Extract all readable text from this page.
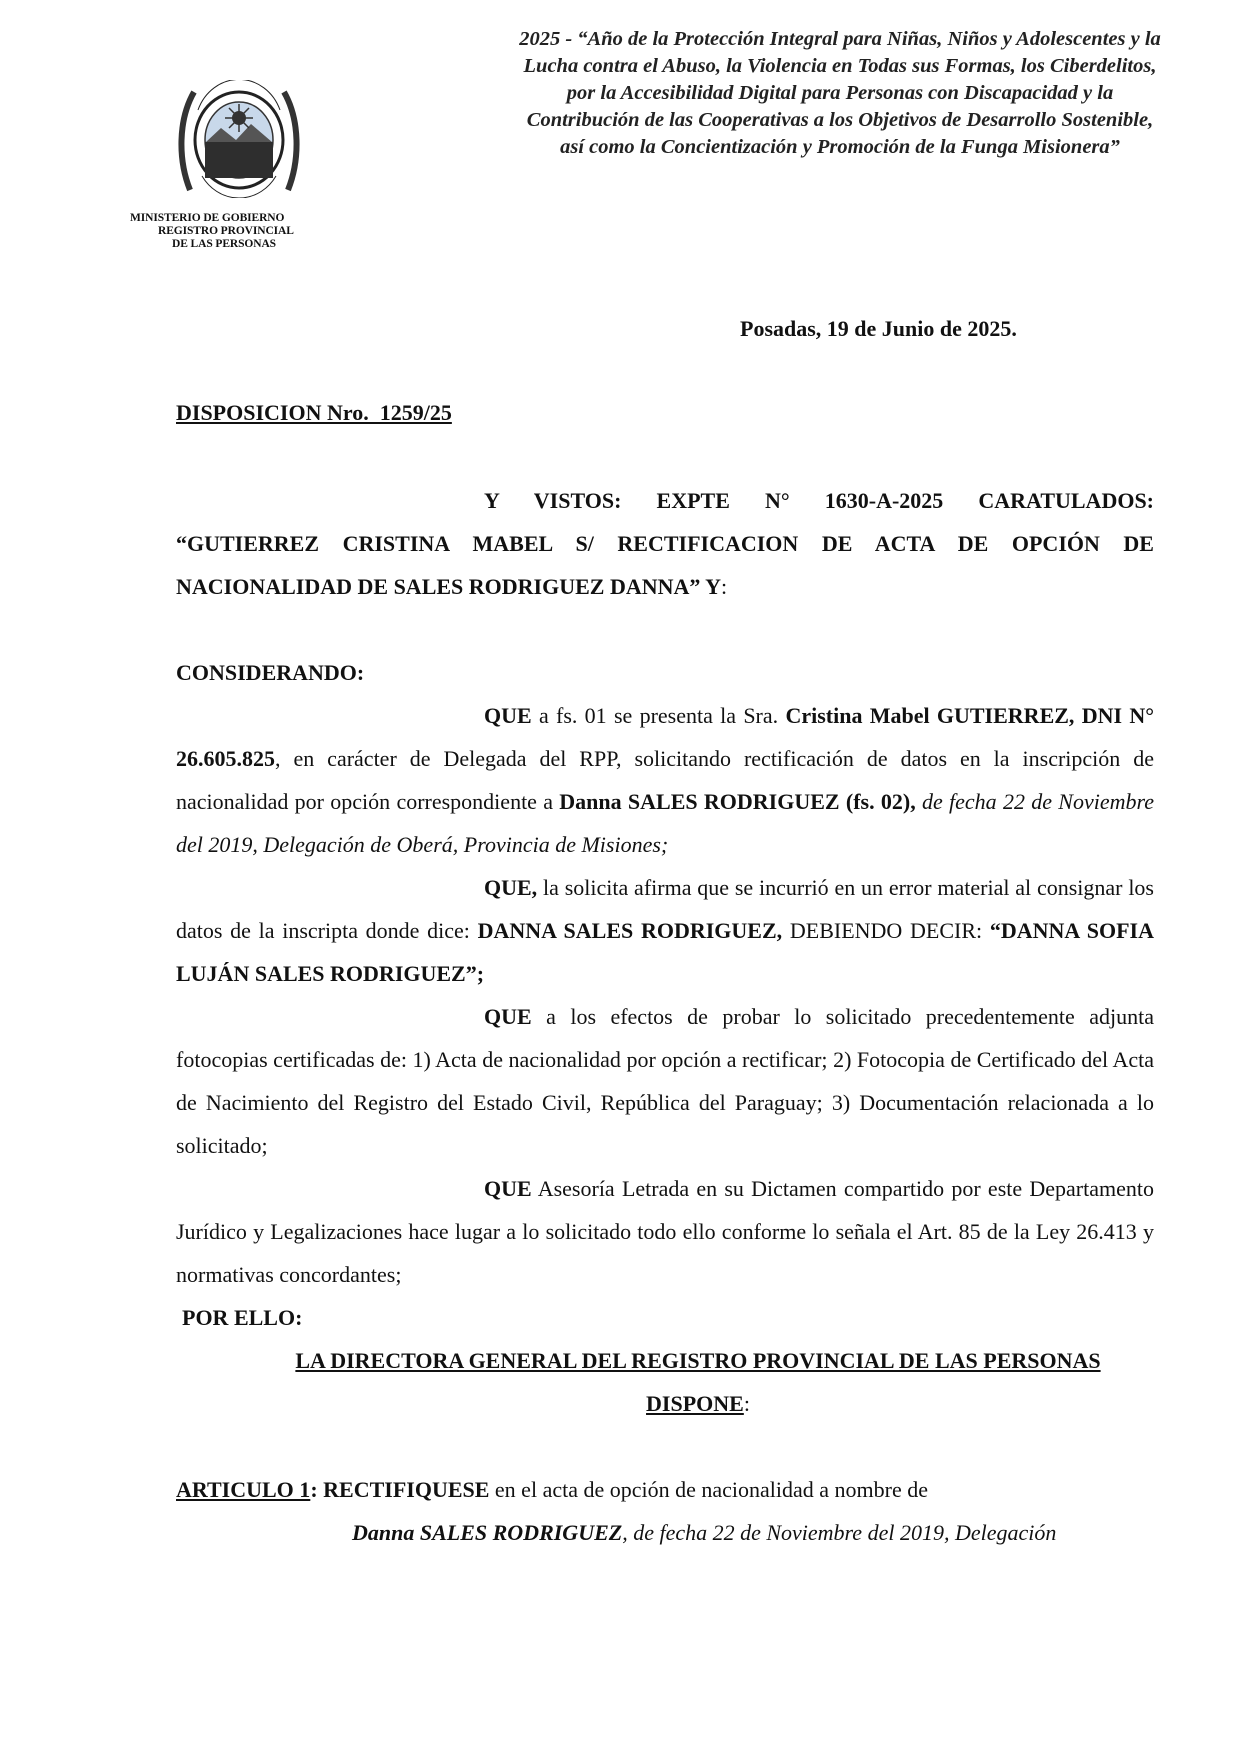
MINISTERIO DE GOBIERNO
REGISTRO PROVINCIAL
DE LAS PERSONAS
2025 - “Año de la Protección Integral para Niñas, Niños y Adolescentes y la
Lucha contra el Abuso, la Violencia en Todas sus Formas, los Ciberdelitos,
por la Accesibilidad Digital para Personas con Discapacidad y la
Contribución de las Cooperativas a los Objetivos de Desarrollo Sostenible,
así como la Concientización y Promoción de la Funga Misionera”
Posadas, 19 de Junio de 2025.
DISPOSICION Nro.  1259/25

Y VISTOS: EXPTE N° 1630-A-2025 CARATULADOS: “GUTIERREZ CRISTINA MABEL S/ RECTIFICACION DE ACTA DE OPCIÓN DE NACIONALIDAD DE SALES RODRIGUEZ DANNA” Y:

CONSIDERANDO:

QUE a fs. 01 se presenta la Sra. Cristina Mabel GUTIERREZ, DNI N° 26.605.825, en carácter de Delegada del RPP, solicitando rectificación de datos en la inscripción de nacionalidad por opción correspondiente a Danna SALES RODRIGUEZ (fs. 02), de fecha 22 de Noviembre del 2019, Delegación de Oberá, Provincia de Misiones;

QUE, la solicita afirma que se incurrió en un error material al consignar los datos de la inscripta donde dice: DANNA SALES RODRIGUEZ, DEBIENDO DECIR: “DANNA SOFIA LUJÁN SALES RODRIGUEZ”;

QUE a los efectos de probar lo solicitado precedentemente adjunta fotocopias certificadas de: 1) Acta de nacionalidad por opción a rectificar; 2) Fotocopia de Certificado del Acta de Nacimiento del Registro del Estado Civil, República del Paraguay; 3) Documentación relacionada a lo solicitado;

QUE Asesoría Letrada en su Dictamen compartido por este Departamento Jurídico y Legalizaciones hace lugar a lo solicitado todo ello conforme lo señala el Art. 85 de la Ley 26.413 y normativas concordantes;

POR ELLO:

LA DIRECTORA GENERAL DEL REGISTRO PROVINCIAL DE LAS PERSONAS

DISPONE:

ARTICULO 1: RECTIFIQUESE en el acta de opción de nacionalidad a nombre de

Danna SALES RODRIGUEZ, de fecha 22 de Noviembre del 2019, Delegación
